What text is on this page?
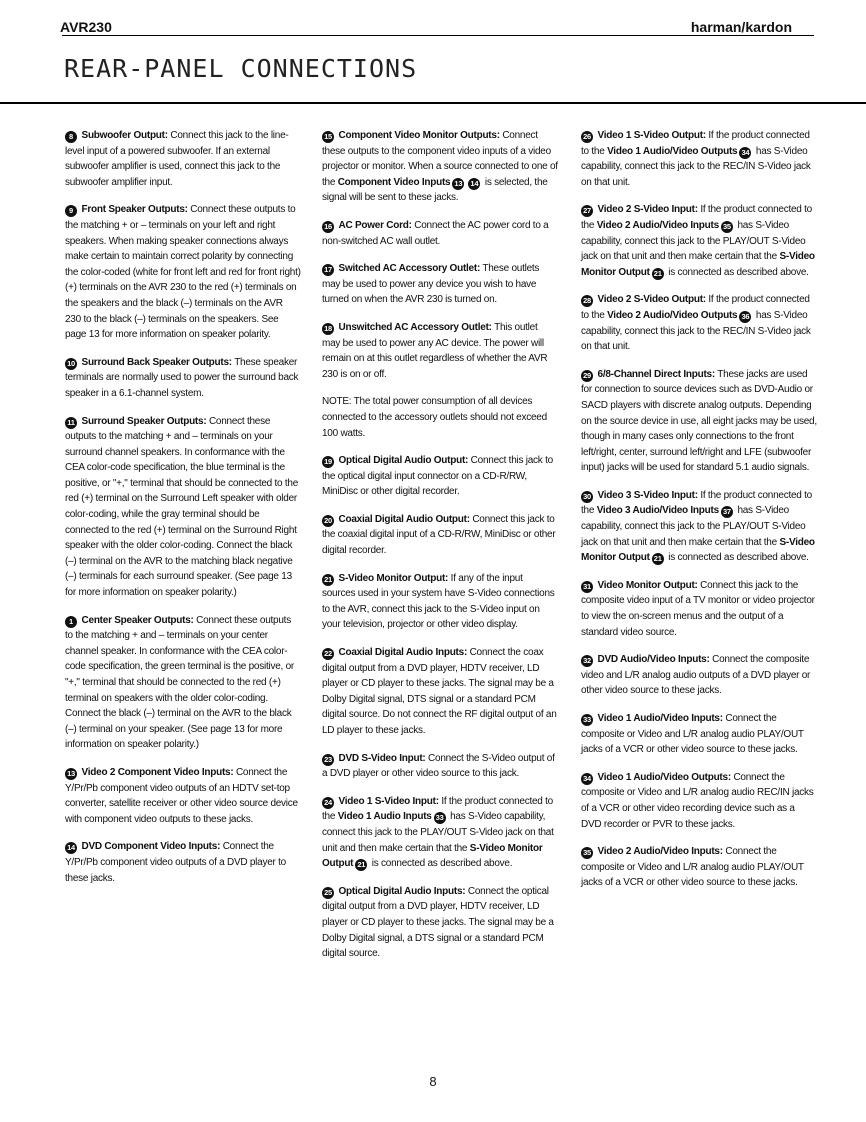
AVR230	harman/kardon
REAR-PANEL CONNECTIONS

8 Subwoofer Output: Connect this jack to the line-level input of a powered subwoofer. If an external subwoofer amplifier is used, connect this jack to the subwoofer amplifier input.

9 Front Speaker Outputs: Connect these outputs to the matching + or – terminals on your left and right speakers. When making speaker connections always make certain to maintain correct polarity by connecting the color-coded (white for front left and red for front right) (+) terminals on the AVR 230 to the red (+) terminals on the speakers and the black (–) terminals on the AVR 230 to the black (–) terminals on the speakers. See page 13 for more information on speaker polarity.

10 Surround Back Speaker Outputs: These speaker terminals are normally used to power the surround back speaker in a 6.1-channel system.

11 Surround Speaker Outputs: Connect these outputs to the matching + and – terminals on your surround channel speakers. In conformance with the CEA color-code specification, the blue terminal is the positive, or "+," terminal that should be connected to the red (+) terminal on the Surround Left speaker with older color-coding, while the gray terminal should be connected to the red (+) terminal on the Surround Right speaker with the older color-coding. Connect the black (–) terminal on the AVR to the matching black negative (–) terminals for each surround speaker. (See page 13 for more information on speaker polarity.)

1 Center Speaker Outputs: Connect these outputs to the matching + and – terminals on your center channel speaker. In conformance with the CEA color-code specification, the green terminal is the positive, or "+," terminal that should be connected to the red (+) terminal on speakers with the older color-coding. Connect the black (–) terminal on the AVR to the black (–) terminal on your speaker. (See page 13 for more information on speaker polarity.)

13 Video 2 Component Video Inputs: Connect the Y/Pr/Pb component video outputs of an HDTV set-top converter, satellite receiver or other video source device with component video outputs to these jacks.

14 DVD Component Video Inputs: Connect the Y/Pr/Pb component video outputs of a DVD player to these jacks.

15 Component Video Monitor Outputs: Connect these outputs to the component video inputs of a video projector or monitor. When a source connected to one of the Component Video Inputs 13 14 is selected, the signal will be sent to these jacks.

16 AC Power Cord: Connect the AC power cord to a non-switched AC wall outlet.

17 Switched AC Accessory Outlet: These outlets may be used to power any device you wish to have turned on when the AVR 230 is turned on.

18 Unswitched AC Accessory Outlet: This outlet may be used to power any AC device. The power will remain on at this outlet regardless of whether the AVR 230 is on or off.

NOTE: The total power consumption of all devices connected to the accessory outlets should not exceed 100 watts.

19 Optical Digital Audio Output: Connect this jack to the optical digital input connector on a CD-R/RW, MiniDisc or other digital recorder.

20 Coaxial Digital Audio Output: Connect this jack to the coaxial digital input of a CD-R/RW, MiniDisc or other digital recorder.

21 S-Video Monitor Output: If any of the input sources used in your system have S-Video connections to the AVR, connect this jack to the S-Video input on your television, projector or other video display.

22 Coaxial Digital Audio Inputs: Connect the coax digital output from a DVD player, HDTV receiver, LD player or CD player to these jacks. The signal may be a Dolby Digital signal, DTS signal or a standard PCM digital source. Do not connect the RF digital output of an LD player to these jacks.

23 DVD S-Video Input: Connect the S-Video output of a DVD player or other video source to this jack.

24 Video 1 S-Video Input: If the product connected to the Video 1 Audio Inputs 33 has S-Video capability, connect this jack to the PLAY/OUT S-Video jack on that unit and then make certain that the S-Video Monitor Output 21 is connected as described above.

25 Optical Digital Audio Inputs: Connect the optical digital output from a DVD player, HDTV receiver, LD player or CD player to these jacks. The signal may be a Dolby Digital signal, a DTS signal or a standard PCM digital source.

26 Video 1 S-Video Output: If the product connected to the Video 1 Audio/Video Outputs 34 has S-Video capability, connect this jack to the REC/IN S-Video jack on that unit.

27 Video 2 S-Video Input: If the product connected to the Video 2 Audio/Video Inputs 35 has S-Video capability, connect this jack to the PLAY/OUT S-Video jack on that unit and then make certain that the S-Video Monitor Output 21 is connected as described above.

28 Video 2 S-Video Output: If the product connected to the Video 2 Audio/Video Outputs 36 has S-Video capability, connect this jack to the REC/IN S-Video jack on that unit.

29 6/8-Channel Direct Inputs: These jacks are used for connection to source devices such as DVD-Audio or SACD players with discrete analog outputs. Depending on the source device in use, all eight jacks may be used, though in many cases only connections to the front left/right, center, surround left/right and LFE (subwoofer input) jacks will be used for standard 5.1 audio signals.

30 Video 3 S-Video Input: If the product connected to the Video 3 Audio/Video Inputs 37 has S-Video capability, connect this jack to the PLAY/OUT S-Video jack on that unit and then make certain that the S-Video Monitor Output 21 is connected as described above.

31 Video Monitor Output: Connect this jack to the composite video input of a TV monitor or video projector to view the on-screen menus and the output of a standard video source.

32 DVD Audio/Video Inputs: Connect the composite video and L/R analog audio outputs of a DVD player or other video source to these jacks.

33 Video 1 Audio/Video Inputs: Connect the composite or Video and L/R analog audio PLAY/OUT jacks of a VCR or other video source to these jacks.

34 Video 1 Audio/Video Outputs: Connect the composite or Video and L/R analog audio REC/IN jacks of a VCR or other video recording device such as a DVD recorder or PVR to these jacks.

35 Video 2 Audio/Video Inputs: Connect the composite or Video and L/R analog audio PLAY/OUT jacks of a VCR or other video source to these jacks.

8
